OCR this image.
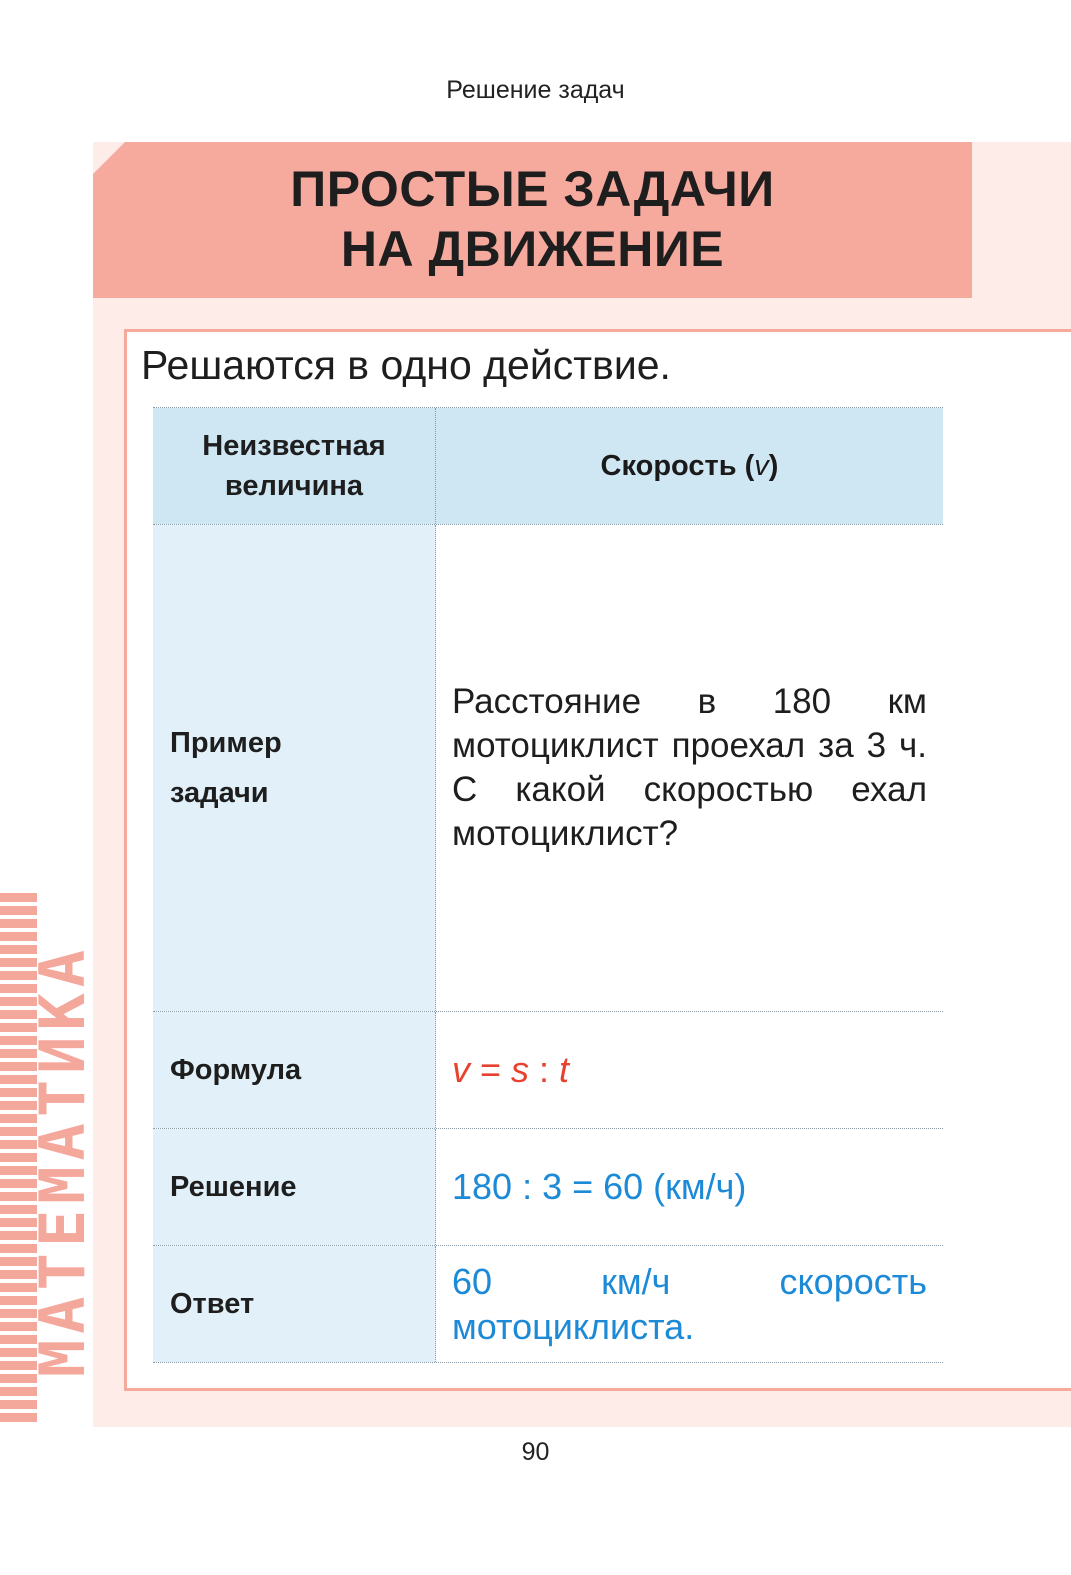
Решение задач
ПРОСТЫЕ ЗАДАЧИ
НА ДВИЖЕНИЕ
Решаются в одно действие.
Неизвестная
величина
Скорость ( v )
Пример
задачи
Расстояние в 180 км мотоциклист проехал за 3 ч. С какой скоростью ехал мотоциклист?
Формула	v = s : t
Решение	180 : 3 = 60 (км/ч)
Ответ
60 км/ч скорость мотоциклиста.
МАТЕМАТИКА
90
